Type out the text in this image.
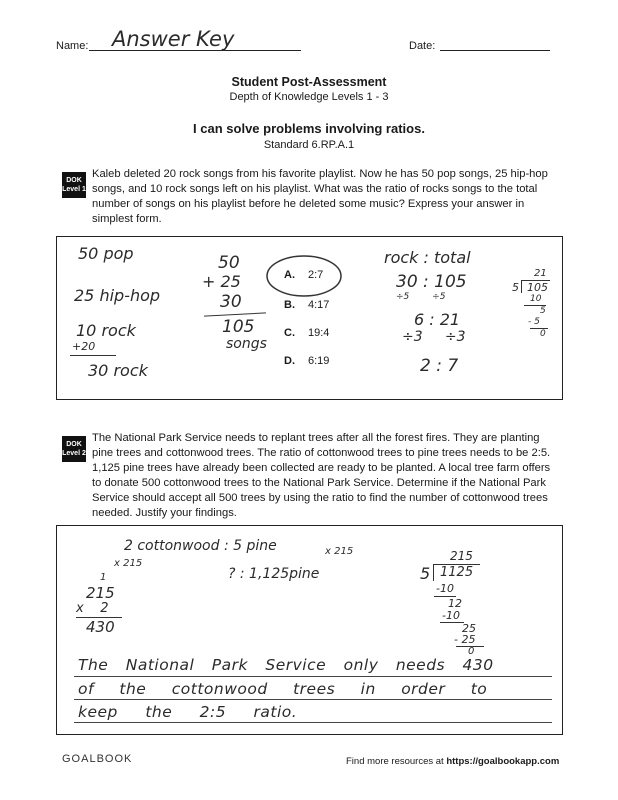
Name: Answer Key	Date:
Student Post-Assessment
Depth of Knowledge Levels 1 - 3
I can solve problems involving ratios.
Standard 6.RP.A.1
DOK
Level 1
Kaleb deleted 20 rock songs from his favorite playlist. Now he has 50 pop songs, 25 hip-hop songs, and 10 rock songs left on his playlist. What was the ratio of rocks songs to the total number of songs on his playlist before he deleted some music? Express your answer in simplest form.
50 pop
25 hip-hop
10 rock
+20
30 rock
50
+ 25
30
105
songs
A. 2:7
B. 4:17
C. 19:4
D. 6:19
rock : total
30 : 105
÷5        ÷5
6 : 21
÷3     ÷3
2 : 7
21
5 105
10
5
- 5
0
DOK
Level 2
The National Park Service needs to replant trees after all the forest fires. They are planting pine trees and cottonwood trees. The ratio of cottonwood trees to pine trees needs to be 2:5. 1,125 pine trees have already been collected are ready to be planted. A local tree farm offers to donate 500 cottonwood trees to the National Park Service. Determine if the National Park Service should accept all 500 trees by using the ratio to find the number of cottonwood trees needed. Justify your findings.
2 cottonwood : 5 pine	x 215
x 215
? : 1,125pine
1
215
x    2
430
215
5 1125
-10
12
-10
25
- 25
0
The National Park Service only needs 430
of the cottonwood trees in order to
keep the 2:5 ratio.
GOALBOOK	Find more resources at https://goalbookapp.com
